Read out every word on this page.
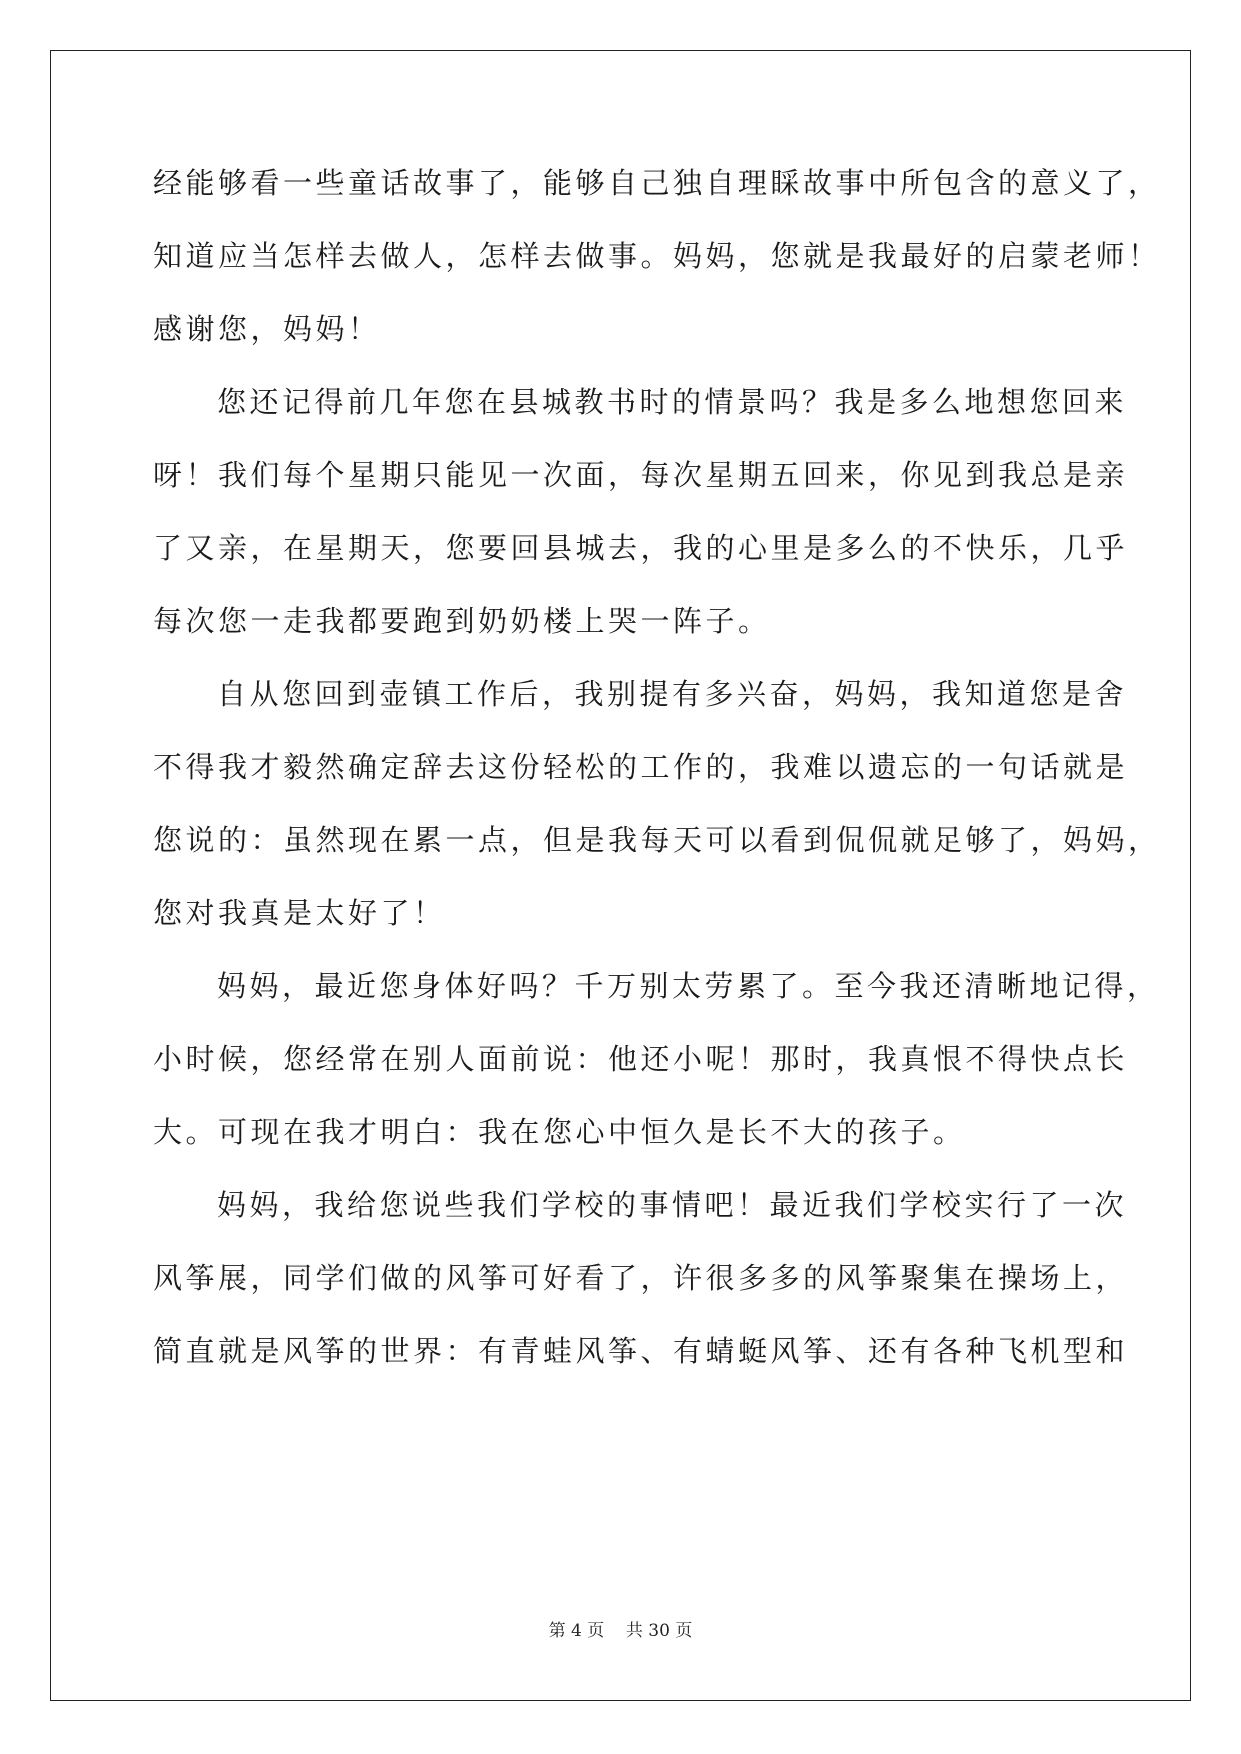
经能够看一些童话故事了，能够自己独自理睬故事中所包含的意义了，
知道应当怎样去做人，怎样去做事。妈妈，您就是我最好的启蒙老师！
感谢您，妈妈！
您还记得前几年您在县城教书时的情景吗？我是多么地想您回来
呀！我们每个星期只能见一次面，每次星期五回来，你见到我总是亲
了又亲，在星期天，您要回县城去，我的心里是多么的不快乐，几乎
每次您一走我都要跑到奶奶楼上哭一阵子。
自从您回到壶镇工作后，我别提有多兴奋，妈妈，我知道您是舍
不得我才毅然确定辞去这份轻松的工作的，我难以遗忘的一句话就是
您说的：虽然现在累一点，但是我每天可以看到侃侃就足够了，妈妈，
您对我真是太好了！
妈妈，最近您身体好吗？千万别太劳累了。至今我还清晰地记得，
小时候，您经常在别人面前说：他还小呢！那时，我真恨不得快点长
大。可现在我才明白：我在您心中恒久是长不大的孩子。
妈妈，我给您说些我们学校的事情吧！最近我们学校实行了一次
风筝展，同学们做的风筝可好看了，许很多多的风筝聚集在操场上，
简直就是风筝的世界：有青蛙风筝、有蜻蜓风筝、还有各种飞机型和
第 4 页 共 30 页
